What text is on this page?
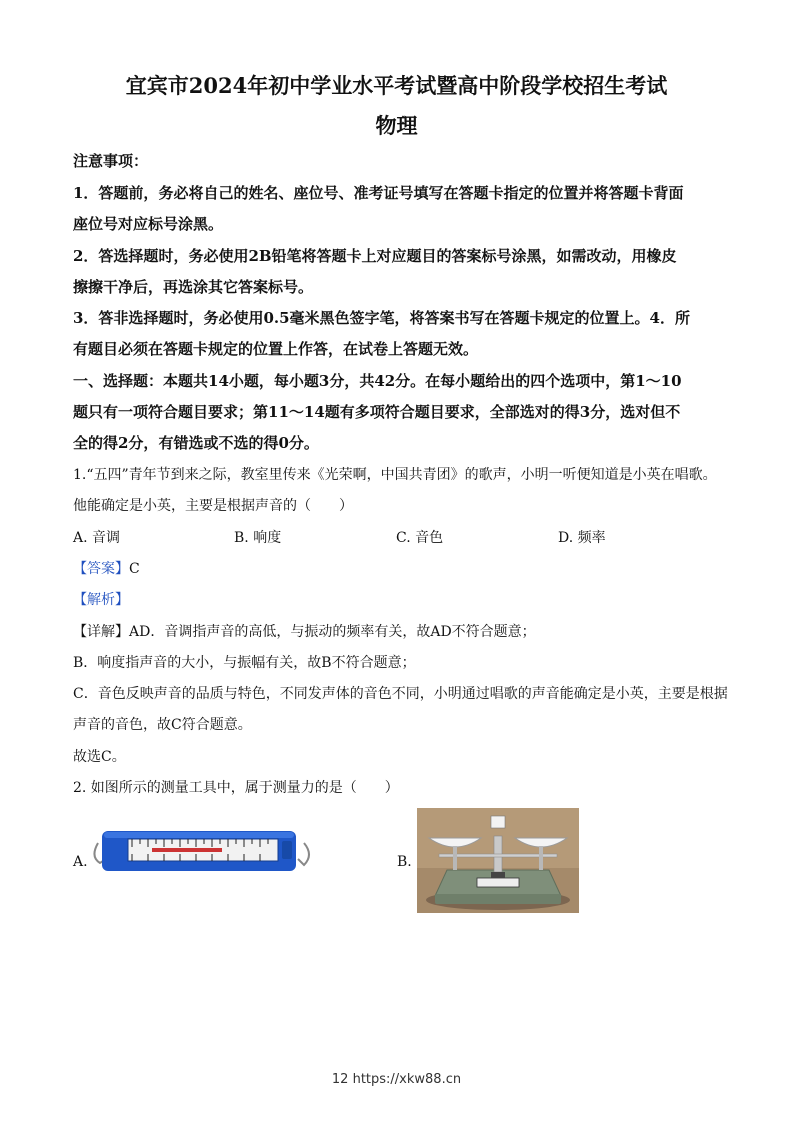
宜宾市2024年初中学业水平考试暨高中阶段学校招生考试
物理
注意事项：
1．答题前，务必将自己的姓名、座位号、准考证号填写在答题卡指定的位置并将答题卡背面
座位号对应标号涂黑。
2．答选择题时，务必使用2B铅笔将答题卡上对应题目的答案标号涂黑，如需改动，用橡皮
擦擦干净后，再选涂其它答案标号。
3．答非选择题时，务必使用0.5毫米黑色签字笔，将答案书写在答题卡规定的位置上。4．所
有题目必须在答题卡规定的位置上作答，在试卷上答题无效。
一、选择题：本题共14小题，每小题3分，共42分。在每小题给出的四个选项中，第1～10
题只有一项符合题目要求；第11～14题有多项符合题目要求，全部选对的得3分，选对但不
全的得2分，有错选或不选的得0分。
1.“五四”青年节到来之际，教室里传来《光荣啊，中国共青团》的歌声，小明一听便知道是小英在唱歌。
他能确定是小英，主要是根据声音的（　　）
A. 音调	B. 响度	C. 音色	D. 频率
【答案】C
【解析】
【详解】AD．音调指声音的高低，与振动的频率有关，故AD不符合题意；
B．响度指声音的大小，与振幅有关，故B不符合题意；
C．音色反映声音的品质与特色，不同发声体的音色不同，小明通过唱歌的声音能确定是小英，主要是根据
声音的音色，故C符合题意。
故选C。
2. 如图所示的测量工具中，属于测量力的是（　　）
A.	B.
12 https://xkw88.cn
